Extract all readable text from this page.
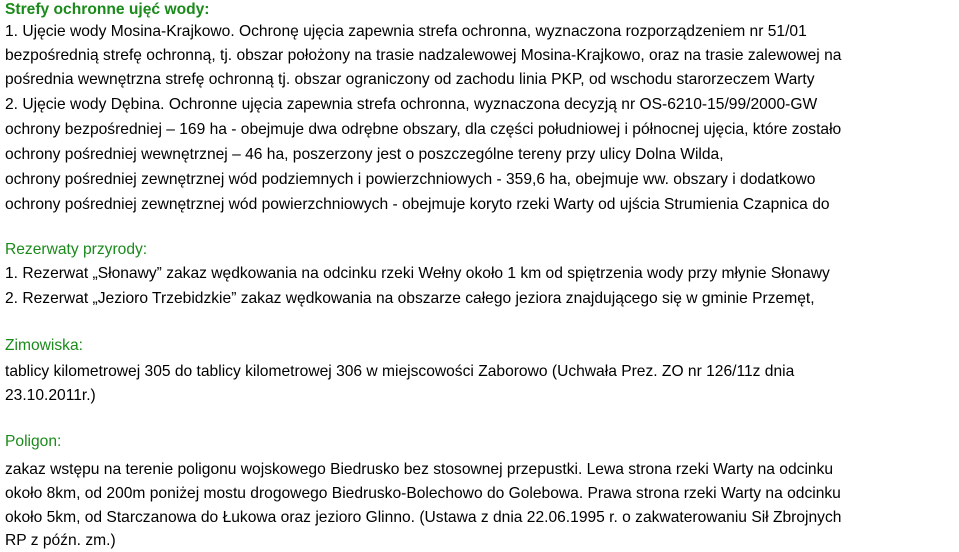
Strefy ochronne ujęć wody:
1. Ujęcie wody Mosina-Krajkowo. Ochronę ujęcia zapewnia strefa ochronna, wyznaczona rozporządzeniem nr 51/01
bezpośrednią strefę ochronną, tj. obszar położony na trasie nadzalewowej Mosina-Krajkowo, oraz na trasie zalewowej na
pośrednia wewnętrzna strefę ochronną tj. obszar ograniczony od zachodu linia PKP, od wschodu starorzeczem Warty
2. Ujęcie wody Dębina. Ochronne ujęcia zapewnia strefa ochronna, wyznaczona decyzją nr OS-6210-15/99/2000-GW
ochrony bezpośredniej – 169 ha - obejmuje dwa odrębne obszary, dla części południowej i północnej ujęcia, które zostało
ochrony pośredniej wewnętrznej – 46 ha, poszerzony jest o poszczególne tereny przy ulicy Dolna Wilda,
ochrony pośredniej zewnętrznej wód podziemnych i powierzchniowych - 359,6 ha, obejmuje ww. obszary i dodatkowo
ochrony pośredniej zewnętrznej wód powierzchniowych - obejmuje koryto rzeki Warty od ujścia Strumienia Czapnica do
Rezerwaty przyrody:
1. Rezerwat „Słonawy” zakaz wędkowania na odcinku rzeki Wełny około 1 km od spiętrzenia wody przy młynie Słonawy
2. Rezerwat „Jezioro Trzebidzkie” zakaz wędkowania na obszarze całego jeziora znajdującego się w gminie Przemęt,
Zimowiska:
tablicy kilometrowej 305 do tablicy kilometrowej 306 w miejscowości Zaborowo (Uchwała Prez. ZO nr 126/11z dnia
23.10.2011r.)
Poligon:
zakaz wstępu na terenie poligonu wojskowego Biedrusko bez stosownej przepustki. Lewa strona rzeki Warty na odcinku
około 8km, od 200m poniżej mostu drogowego Biedrusko-Bolechowo do Golebowa. Prawa strona rzeki Warty na odcinku
około 5km, od Starczanowa do Łukowa oraz jezioro Glinno. (Ustawa z dnia 22.06.1995 r. o zakwaterowaniu Sił Zbrojnych
RP z późn. zm.)
